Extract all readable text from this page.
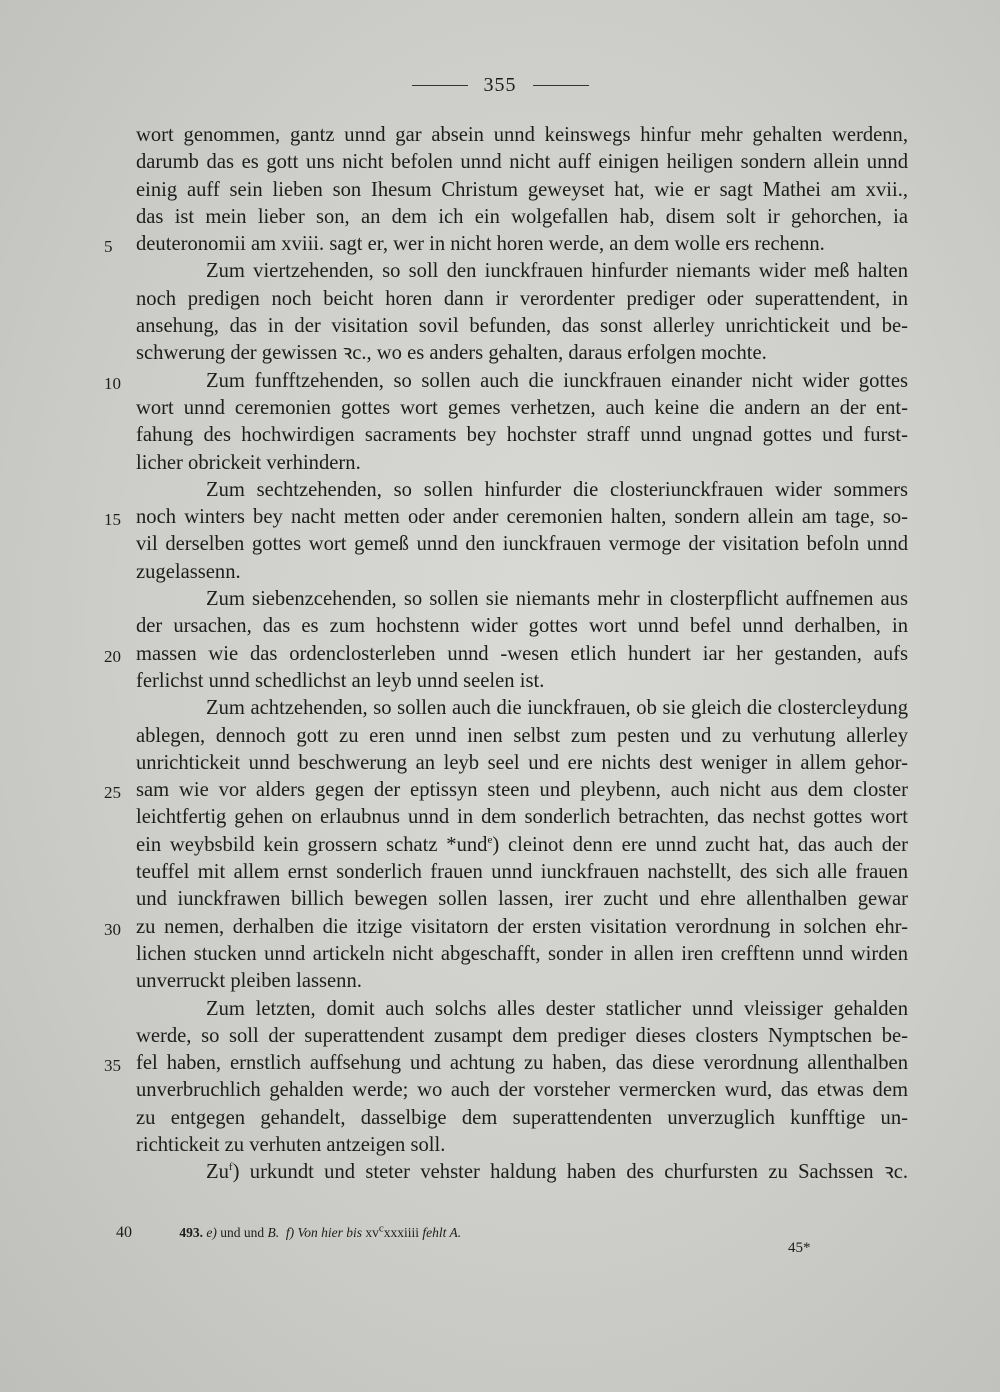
355
wort genommen, gantz unnd gar absein unnd keinswegs hinfur mehr gehalten werdenn,
darumb das es gott uns nicht befolen unnd nicht auff einigen heiligen sondern allein unnd
einig auff sein lieben son Ihesum Christum geweyset hat, wie er sagt Mathei am xvii.,
das ist mein lieber son, an dem ich ein wolgefallen hab, disem solt ir gehorchen, ia
5	deuteronomii am xviii. sagt er, wer in nicht horen werde, an dem wolle ers rechenn.
Zum viertzehenden, so soll den iunckfrauen hinfurder niemants wider meß halten
noch predigen noch beicht horen dann ir verordenter prediger oder superattendent, in
ansehung, das in der visitation sovil befunden, das sonst allerley unrichtickeit und be-
schwerung der gewissen ꝛc., wo es anders gehalten, daraus erfolgen mochte.
10	Zum funfftzehenden, so sollen auch die iunckfrauen einander nicht wider gottes
wort unnd ceremonien gottes wort gemes verhetzen, auch keine die andern an der ent-
fahung des hochwirdigen sacraments bey hochster straff unnd ungnad gottes und furst-
licher obrickeit verhindern.
Zum sechtzehenden, so sollen hinfurder die closteriunckfrauen wider sommers
15 noch winters bey nacht metten oder ander ceremonien halten, sondern allein am tage, so-
vil derselben gottes wort gemeß unnd den iunckfrauen vermoge der visitation befoln unnd
zugelassenn.
Zum siebenzcehenden, so sollen sie niemants mehr in closterpflicht auffnemen aus
der ursachen, das es zum hochstenn wider gottes wort unnd befel unnd derhalben, in
20 massen wie das ordenclosterleben unnd -wesen etlich hundert iar her gestanden, aufs
ferlichst unnd schedlichst an leyb unnd seelen ist.
Zum achtzehenden, so sollen auch die iunckfrauen, ob sie gleich die clostercleydung
ablegen, dennoch gott zu eren unnd inen selbst zum pesten und zu verhutung allerley
unrichtickeit unnd beschwerung an leyb seel und ere nichts dest weniger in allem gehor-
25 sam wie vor alders gegen der eptissyn steen und pleybenn, auch nicht aus dem closter
leichtfertig gehen on erlaubnus unnd in dem sonderlich betrachten, das nechst gottes wort
ein weybsbild kein grossern schatz *und$^e$) cleinot denn ere unnd zucht hat, das auch der
teuffel mit allem ernst sonderlich frauen unnd iunckfrauen nachstellt, des sich alle frauen
und iunckfrawen billich bewegen sollen lassen, irer zucht und ehre allenthalben gewar
30 zu nemen, derhalben die itzige visitatorn der ersten visitation verordnung in solchen ehr-
lichen stucken unnd artickeln nicht abgeschafft, sonder in allen iren crefftenn unnd wirden
unverruckt pleiben lassenn.
Zum letzten, domit auch solchs alles dester statlicher unnd vleissiger gehalden
werde, so soll der superattendent zusampt dem prediger dieses closters Nymptschen be-
35 fel haben, ernstlich auffsehung und achtung zu haben, das diese verordnung allenthalben
unverbruchlich gehalden werde; wo auch der vorsteher vermercken wurd, das etwas dem
zu entgegen gehandelt, dasselbige dem superattendenten unverzuglich kunfftige un-
richtickeit zu verhuten antzeigen soll.
Zu$^f$) urkundt und steter vehster haldung haben des churfursten zu Sachssen ꝛc.
40	493. e) und und B. f) Von hier bis $xv^cxxxiiii$ fehlt A.
45*
